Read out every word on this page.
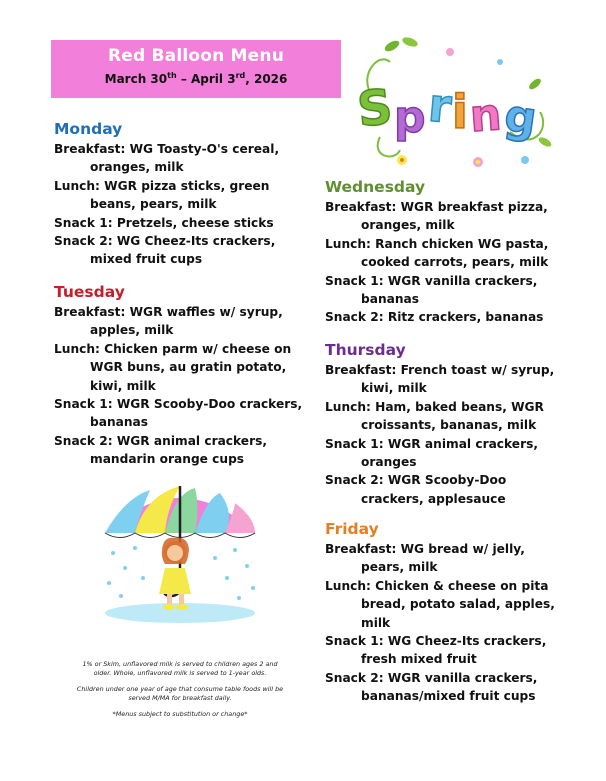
Red Balloon Menu
March 30th – April 3rd, 2026	S
p r
i n
g
Monday
Breakfast: WG Toasty-O's cereal, oranges, milk
Lunch: WGR pizza sticks, green beans, pears, milk
Snack 1: Pretzels, cheese sticks
Snack 2: WG Cheez-Its crackers, mixed fruit cups
Tuesday
Breakfast: WGR waffles w/ syrup, apples, milk
Lunch: Chicken parm w/ cheese on WGR buns, au gratin potato, kiwi, milk
Snack 1: WGR Scooby-Doo crackers, bananas
Snack 2: WGR animal crackers, mandarin orange cups
Wednesday
Breakfast: WGR breakfast pizza, oranges, milk
Lunch: Ranch chicken WG pasta, cooked carrots, pears, milk
Snack 1: WGR vanilla crackers, bananas
Snack 2: Ritz crackers, bananas
Thursday
Breakfast: French toast w/ syrup, kiwi, milk
Lunch: Ham, baked beans, WGR croissants, bananas, milk
Snack 1: WGR animal crackers, oranges
Snack 2: WGR Scooby-Doo crackers, applesauce
Friday
Breakfast: WG bread w/ jelly, pears, milk
Lunch: Chicken & cheese on pita bread, potato salad, apples, milk
Snack 1: WG Cheez-Its crackers, fresh mixed fruit
Snack 2: WGR vanilla crackers, bananas/mixed fruit cups

1% or Skim, unflavored milk is served to children ages 2 and older. Whole, unflavored milk is served to 1-year olds.

Children under one year of age that consume table foods will be served M/MA for breakfast daily.

*Menus subject to substitution or change*
